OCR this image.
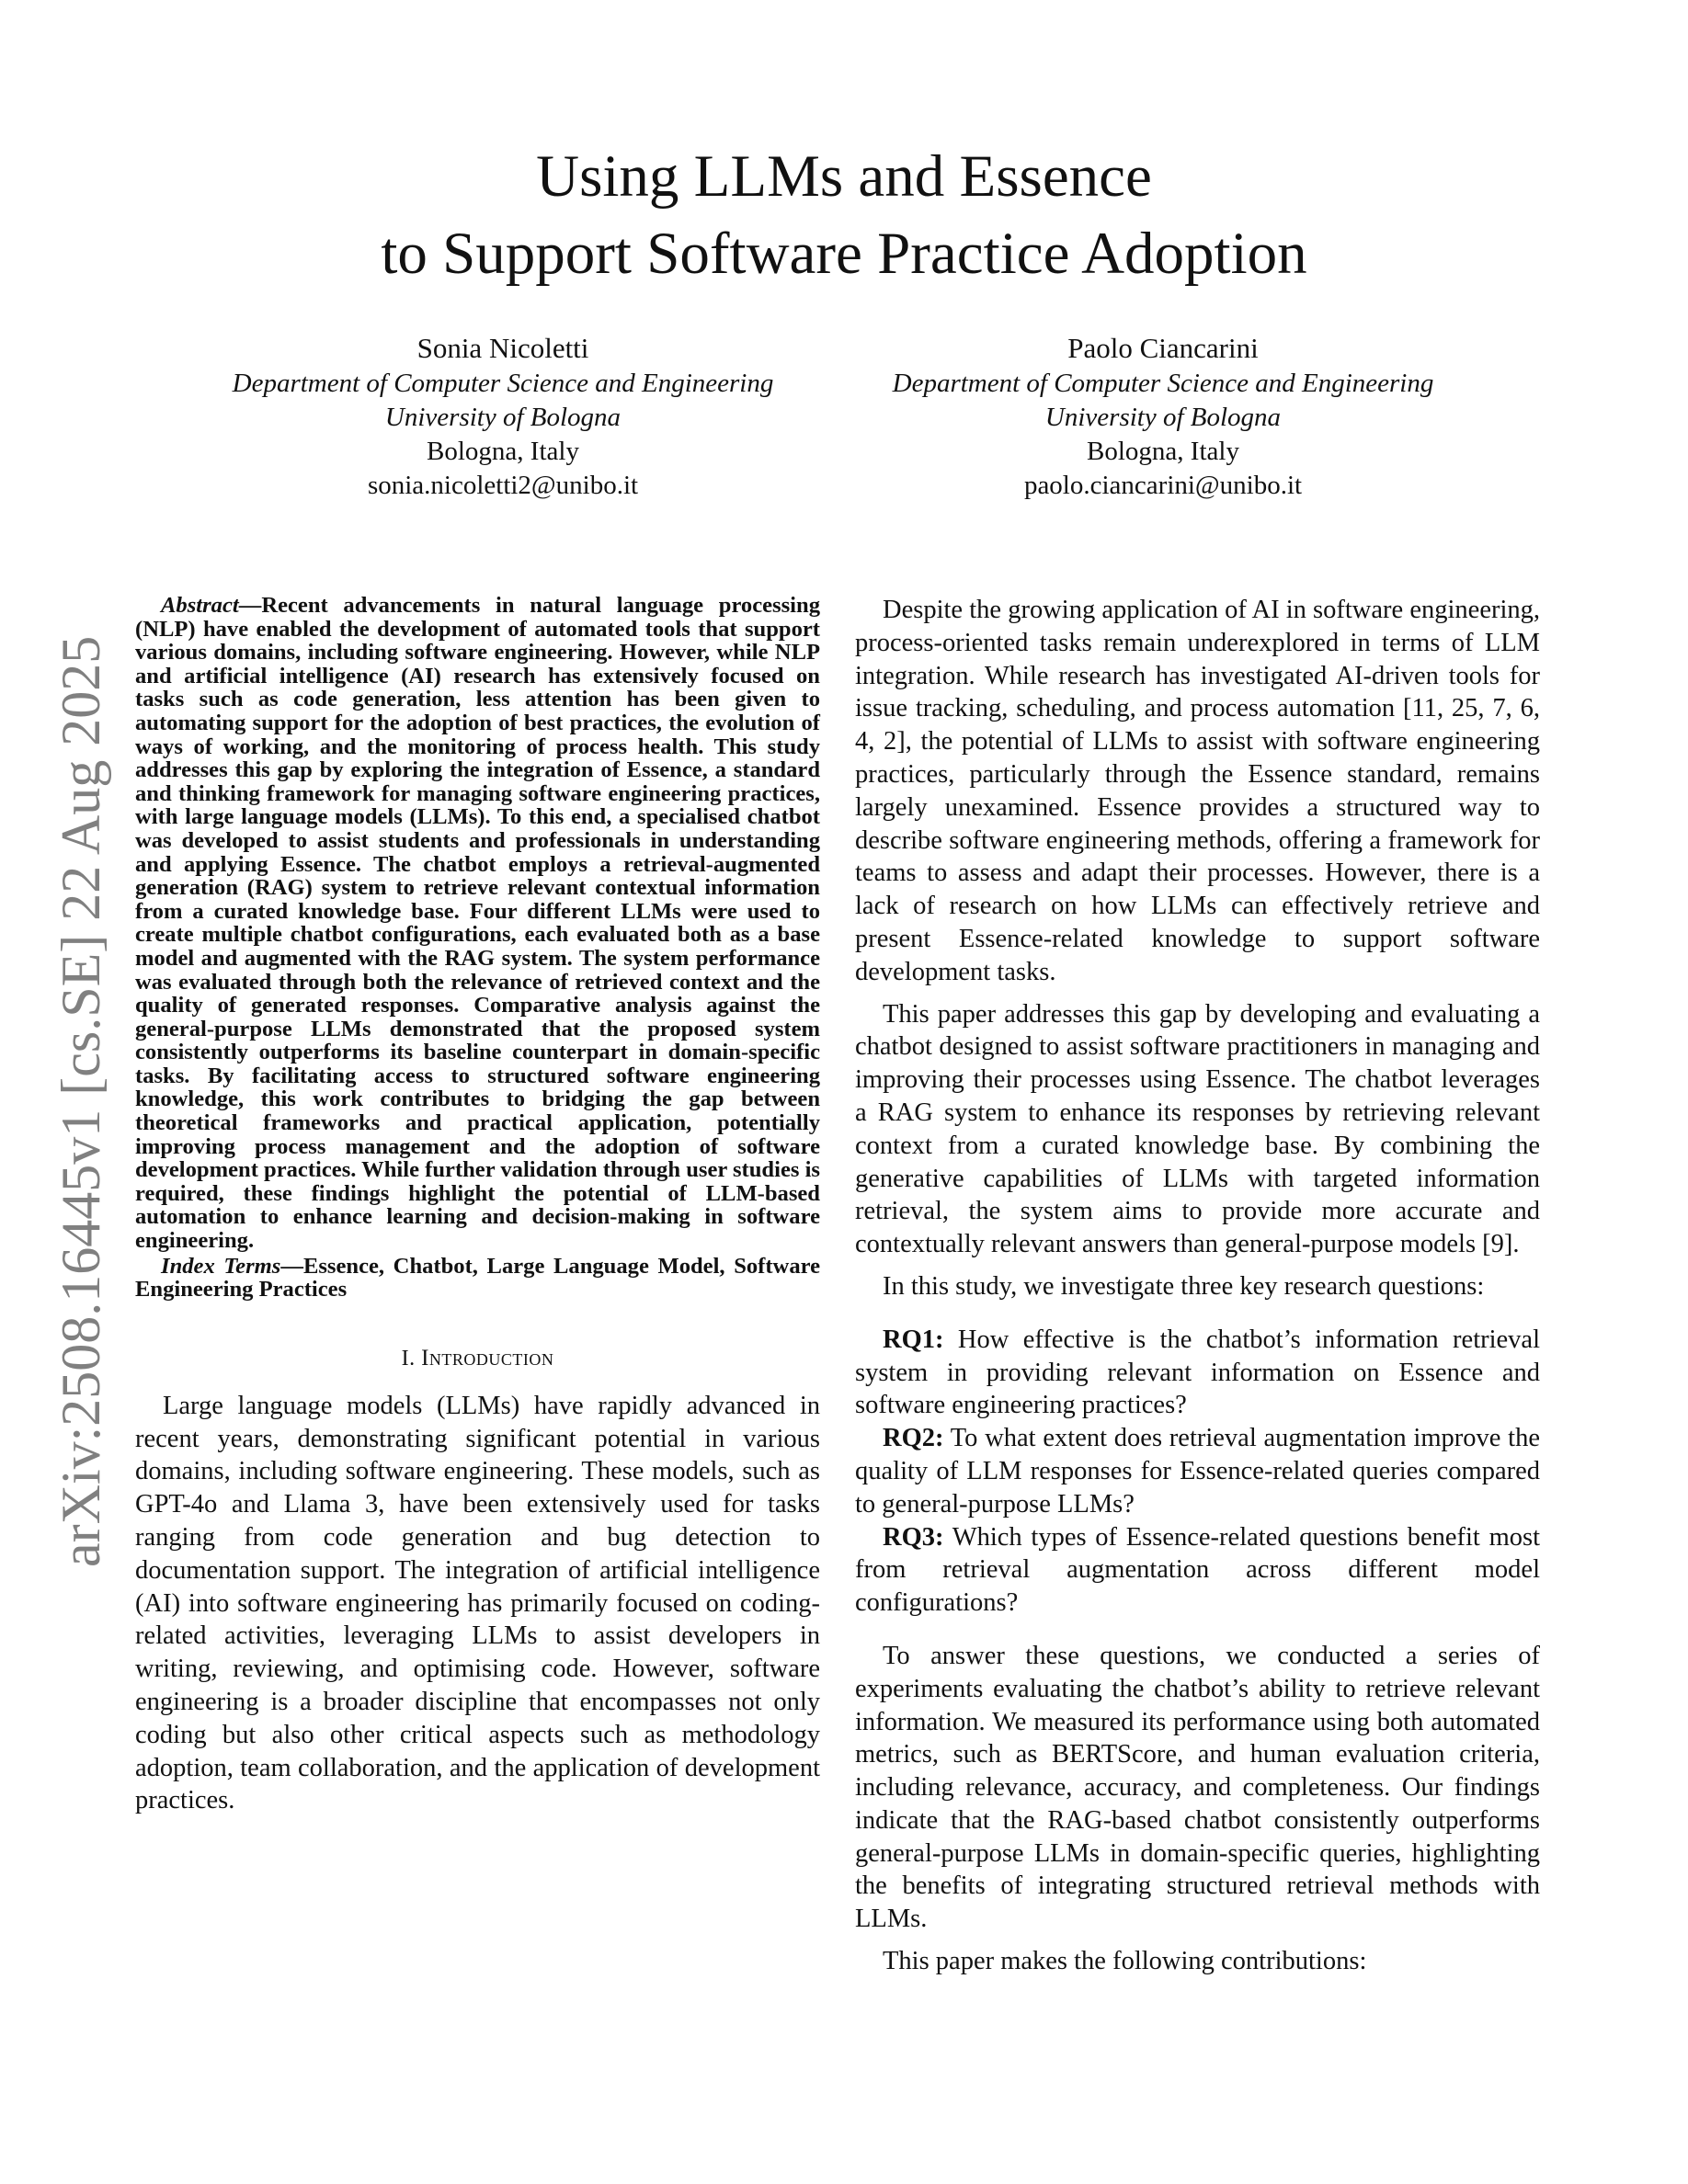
arXiv:2508.16445v1 [cs.SE] 22 Aug 2025
Using LLMs and Essence
to Support Software Practice Adoption
Sonia Nicoletti
Department of Computer Science and Engineering
University of Bologna
Bologna, Italy
sonia.nicoletti2@unibo.it
Paolo Ciancarini
Department of Computer Science and Engineering
University of Bologna
Bologna, Italy
paolo.ciancarini@unibo.it

Abstract—Recent advancements in natural language processing (NLP) have enabled the development of automated tools that support various domains, including software engineering. However, while NLP and artificial intelligence (AI) research has extensively focused on tasks such as code generation, less attention has been given to automating support for the adoption of best practices, the evolution of ways of working, and the monitoring of process health. This study addresses this gap by exploring the integration of Essence, a standard and thinking framework for managing software engineering practices, with large language models (LLMs). To this end, a specialised chatbot was developed to assist students and professionals in understanding and applying Essence. The chatbot employs a retrieval-augmented generation (RAG) system to retrieve relevant contextual information from a curated knowledge base. Four different LLMs were used to create multiple chatbot configurations, each evaluated both as a base model and augmented with the RAG system. The system performance was evaluated through both the relevance of retrieved context and the quality of generated responses. Comparative analysis against the general-purpose LLMs demonstrated that the proposed system consistently outperforms its baseline counterpart in domain-specific tasks. By facilitating access to structured software engineering knowledge, this work contributes to bridging the gap between theoretical frameworks and practical application, potentially improving process management and the adoption of software development practices. While further validation through user studies is required, these findings highlight the potential of LLM-based automation to enhance learning and decision-making in software engineering.

Index Terms—Essence, Chatbot, Large Language Model, Software Engineering Practices

I. Introduction

Large language models (LLMs) have rapidly advanced in recent years, demonstrating significant potential in various domains, including software engineering. These models, such as GPT-4o and Llama 3, have been extensively used for tasks ranging from code generation and bug detection to documentation support. The integration of artificial intelligence (AI) into software engineering has primarily focused on coding-related activities, leveraging LLMs to assist developers in writing, reviewing, and optimising code. However, software engineering is a broader discipline that encompasses not only coding but also other critical aspects such as methodology adoption, team collaboration, and the application of development practices.

Despite the growing application of AI in software engineering, process-oriented tasks remain underexplored in terms of LLM integration. While research has investigated AI-driven tools for issue tracking, scheduling, and process automation [11, 25, 7, 6, 4, 2], the potential of LLMs to assist with software engineering practices, particularly through the Essence standard, remains largely unexamined. Essence provides a structured way to describe software engineering methods, offering a framework for teams to assess and adapt their processes. However, there is a lack of research on how LLMs can effectively retrieve and present Essence-related knowledge to support software development tasks.

This paper addresses this gap by developing and evaluating a chatbot designed to assist software practitioners in managing and improving their processes using Essence. The chatbot leverages a RAG system to enhance its responses by retrieving relevant context from a curated knowledge base. By combining the generative capabilities of LLMs with targeted information retrieval, the system aims to provide more accurate and contextually relevant answers than general-purpose models [9].

In this study, we investigate three key research questions:

RQ1: How effective is the chatbot’s information retrieval system in providing relevant information on Essence and software engineering practices?

RQ2: To what extent does retrieval augmentation improve the quality of LLM responses for Essence-related queries compared to general-purpose LLMs?

RQ3: Which types of Essence-related questions benefit most from retrieval augmentation across different model configurations?

To answer these questions, we conducted a series of experiments evaluating the chatbot’s ability to retrieve relevant information. We measured its performance using both automated metrics, such as BERTScore, and human evaluation criteria, including relevance, accuracy, and completeness. Our findings indicate that the RAG-based chatbot consistently outperforms general-purpose LLMs in domain-specific queries, highlighting the benefits of integrating structured retrieval methods with LLMs.

This paper makes the following contributions:
